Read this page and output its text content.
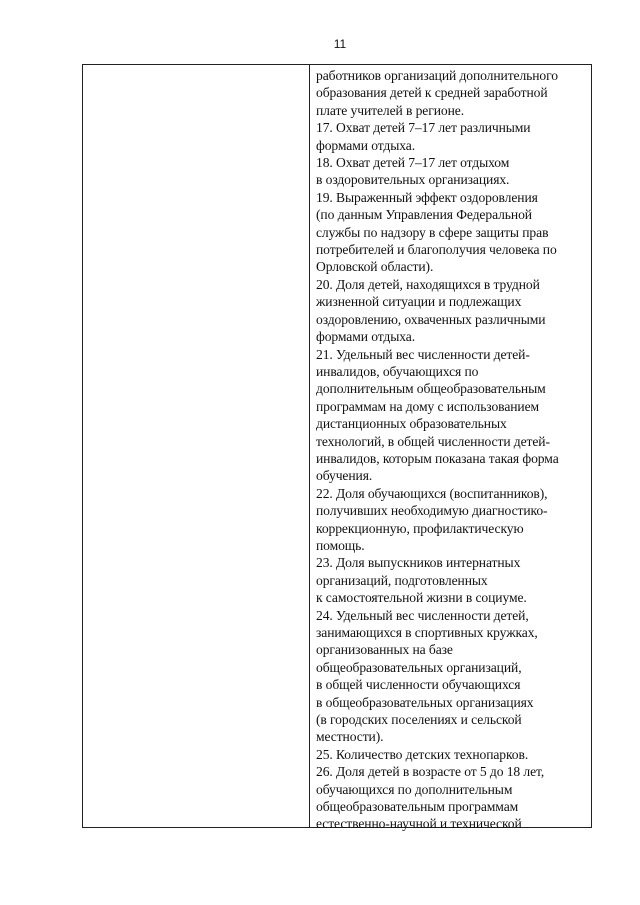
11
работников организаций дополнительного
образования детей к средней заработной
плате учителей в регионе.
17. Охват детей 7–17 лет различными
формами отдыха.
18. Охват детей 7–17 лет отдыхом
в оздоровительных организациях.
19. Выраженный эффект оздоровления
(по данным Управления Федеральной
службы по надзору в сфере защиты прав
потребителей и благополучия человека по
Орловской области).
20. Доля детей, находящихся в трудной
жизненной ситуации и подлежащих
оздоровлению, охваченных различными
формами отдыха.
21. Удельный вес численности детей-
инвалидов, обучающихся по
дополнительным общеобразовательным
программам на дому с использованием
дистанционных образовательных
технологий, в общей численности детей-
инвалидов, которым показана такая форма
обучения.
22. Доля обучающихся (воспитанников),
получивших необходимую диагностико-
коррекционную, профилактическую
помощь.
23. Доля выпускников интернатных
организаций, подготовленных
к самостоятельной жизни в социуме.
24. Удельный вес численности детей,
занимающихся в спортивных кружках,
организованных на базе
общеобразовательных организаций,
в общей численности обучающихся
в общеобразовательных организациях
(в городских поселениях и сельской
местности).
25. Количество детских технопарков.
26. Доля детей в возрасте от 5 до 18 лет,
обучающихся по дополнительным
общеобразовательным программам
естественно-научной и технической
